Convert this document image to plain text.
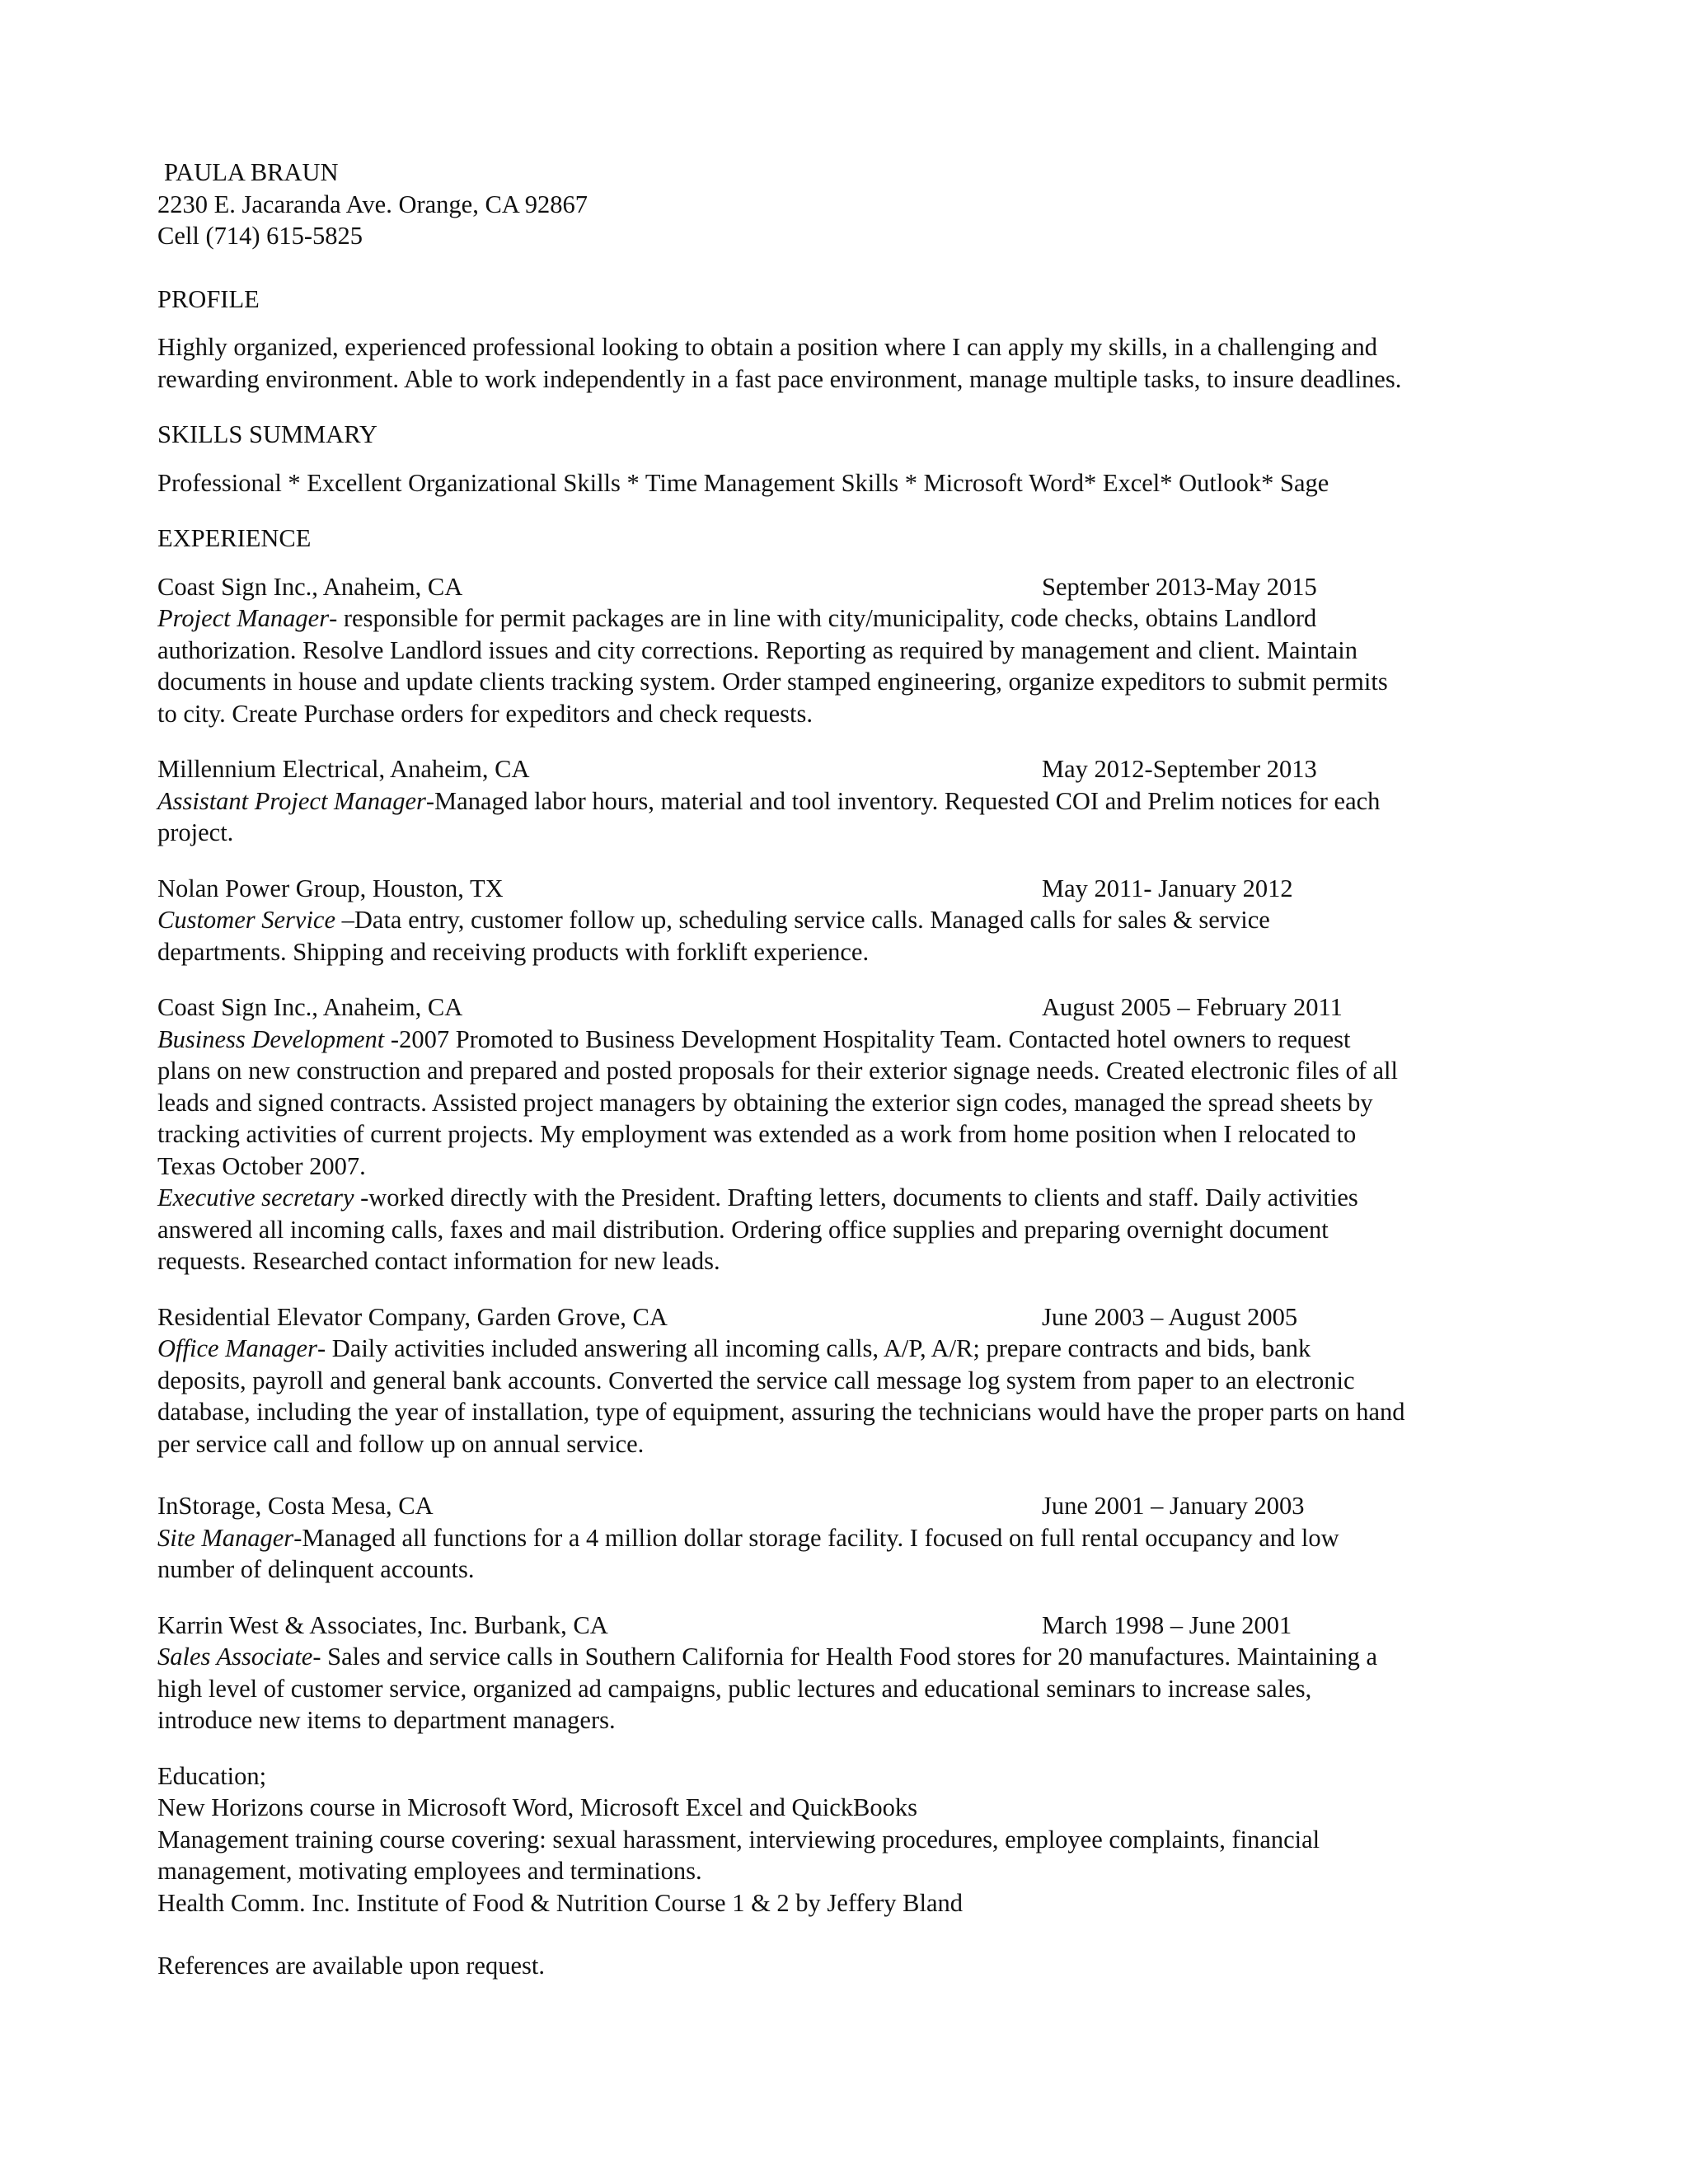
PAULA BRAUN
2230 E. Jacaranda Ave. Orange, CA 92867
Cell (714) 615-5825
PROFILE
Highly organized, experienced professional looking to obtain a position where I can apply my skills, in a challenging and
rewarding environment. Able to work independently in a fast pace environment, manage multiple tasks, to insure deadlines.
SKILLS SUMMARY
Professional * Excellent Organizational Skills * Time Management Skills * Microsoft Word* Excel* Outlook* Sage
EXPERIENCE
Coast Sign Inc., Anaheim, CA	September 2013-May 2015
Project Manager- responsible for permit packages are in line with city/municipality, code checks, obtains Landlord
authorization. Resolve Landlord issues and city corrections. Reporting as required by management and client. Maintain
documents in house and update clients tracking system. Order stamped engineering, organize expeditors to submit permits
to city. Create Purchase orders for expeditors and check requests.
Millennium Electrical, Anaheim, CA	May 2012-September 2013
Assistant Project Manager-Managed labor hours, material and tool inventory. Requested COI and Prelim notices for each
project.
Nolan Power Group, Houston, TX	May 2011- January 2012
Customer Service –Data entry, customer follow up, scheduling service calls. Managed calls for sales & service
departments. Shipping and receiving products with forklift experience.
Coast Sign Inc., Anaheim, CA	August 2005 – February 2011
Business Development -2007 Promoted to Business Development Hospitality Team. Contacted hotel owners to request
plans on new construction and prepared and posted proposals for their exterior signage needs. Created electronic files of all
leads and signed contracts. Assisted project managers by obtaining the exterior sign codes, managed the spread sheets by
tracking activities of current projects. My employment was extended as a work from home position when I relocated to
Texas October 2007.
Executive secretary -worked directly with the President. Drafting letters, documents to clients and staff. Daily activities
answered all incoming calls, faxes and mail distribution. Ordering office supplies and preparing overnight document
requests. Researched contact information for new leads.
Residential Elevator Company, Garden Grove, CA	June 2003 – August 2005
Office Manager- Daily activities included answering all incoming calls, A/P, A/R; prepare contracts and bids, bank
deposits, payroll and general bank accounts. Converted the service call message log system from paper to an electronic
database, including the year of installation, type of equipment, assuring the technicians would have the proper parts on hand
per service call and follow up on annual service.
InStorage, Costa Mesa, CA	June 2001 – January 2003
Site Manager-Managed all functions for a 4 million dollar storage facility. I focused on full rental occupancy and low
number of delinquent accounts.
Karrin West & Associates, Inc. Burbank, CA	March 1998 – June 2001
Sales Associate- Sales and service calls in Southern California for Health Food stores for 20 manufactures. Maintaining a
high level of customer service, organized ad campaigns, public lectures and educational seminars to increase sales,
introduce new items to department managers.
Education;
New Horizons course in Microsoft Word, Microsoft Excel and QuickBooks
Management training course covering: sexual harassment, interviewing procedures, employee complaints, financial
management, motivating employees and terminations.
Health Comm. Inc. Institute of Food & Nutrition Course 1 & 2 by Jeffery Bland
References are available upon request.
